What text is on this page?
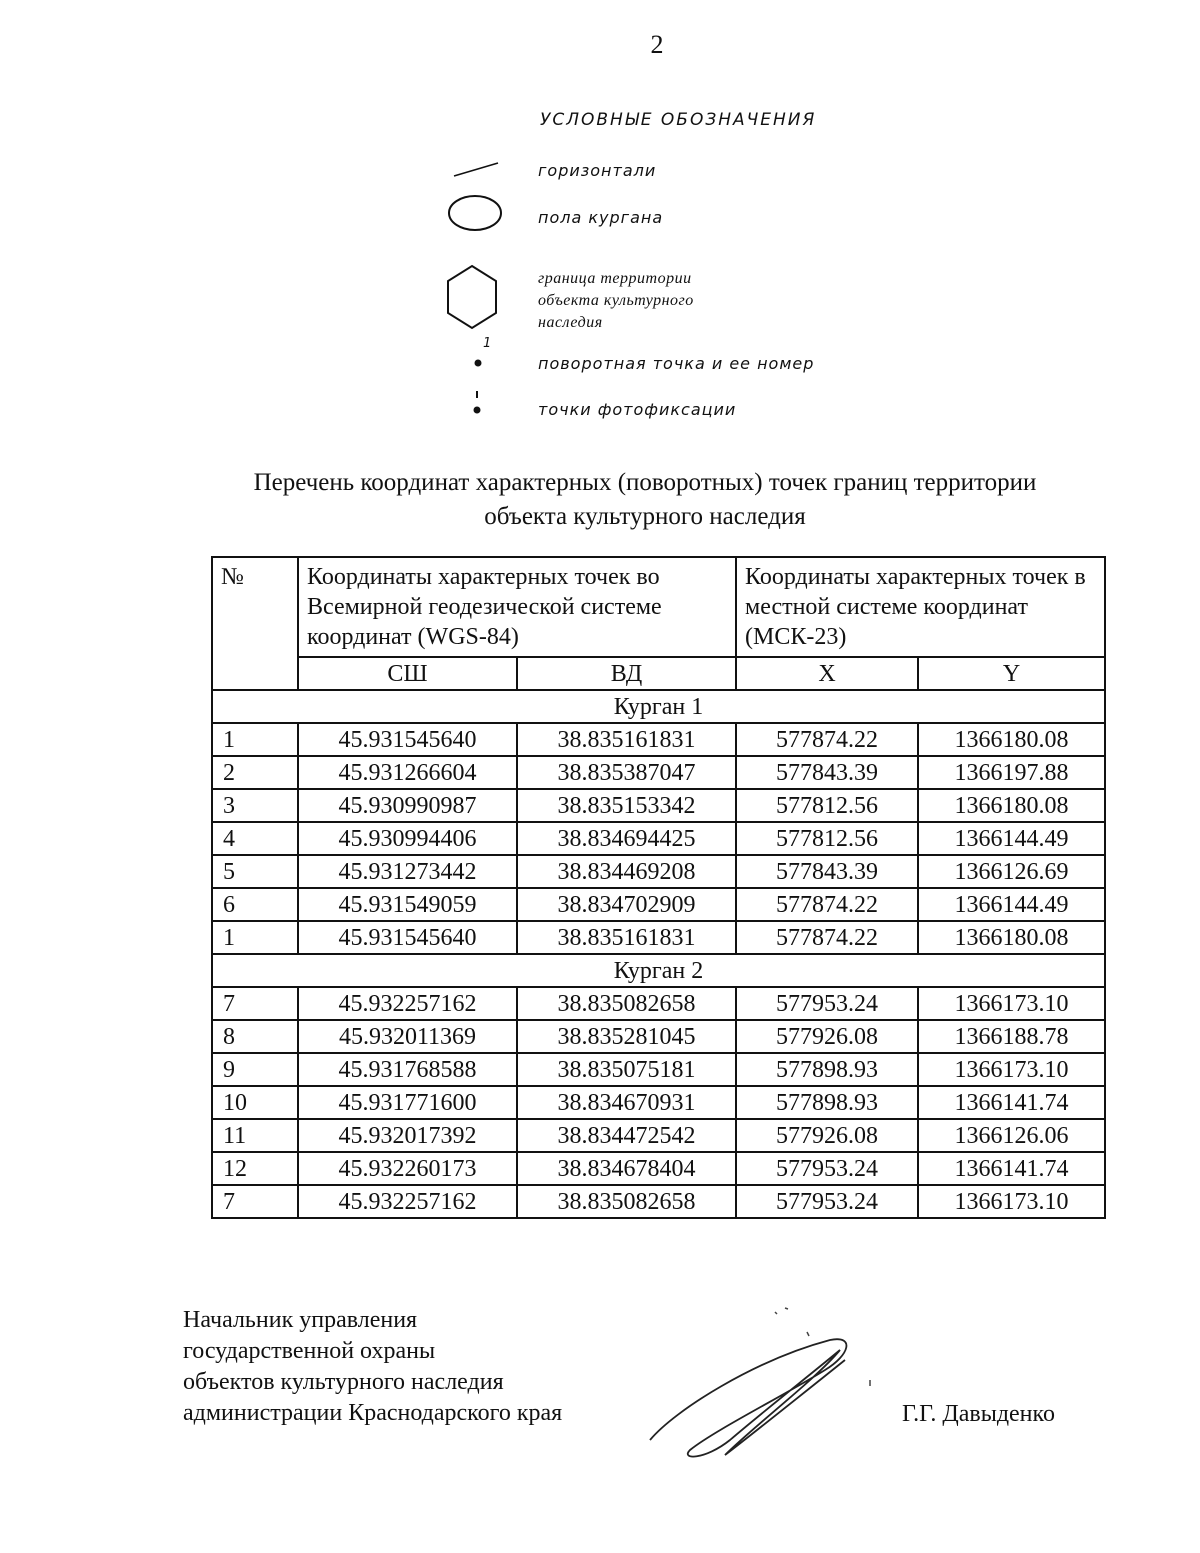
2
УСЛОВНЫЕ ОБОЗНАЧЕНИЯ
горизонтали
пола кургана
граница территории
объекта культурного
наследия
1
поворотная точка и ее номер
точки фотофиксации
Перечень координат характерных (поворотных) точек границ территории
объекта культурного наследия
№	Координаты характерных точек во Всемирной геодезической системе координат (WGS-84)		Координаты характерных точек в местной системе координат (МСК-23)	
	СШ	ВД	X	Y
Курган 1				
1	45.931545640	38.835161831	577874.22	1366180.08
2	45.931266604	38.835387047	577843.39	1366197.88
3	45.930990987	38.835153342	577812.56	1366180.08
4	45.930994406	38.834694425	577812.56	1366144.49
5	45.931273442	38.834469208	577843.39	1366126.69
6	45.931549059	38.834702909	577874.22	1366144.49
1	45.931545640	38.835161831	577874.22	1366180.08
Курган 2				
7	45.932257162	38.835082658	577953.24	1366173.10
8	45.932011369	38.835281045	577926.08	1366188.78
9	45.931768588	38.835075181	577898.93	1366173.10
10	45.931771600	38.834670931	577898.93	1366141.74
11	45.932017392	38.834472542	577926.08	1366126.06
12	45.932260173	38.834678404	577953.24	1366141.74
7	45.932257162	38.835082658	577953.24	1366173.10
Начальник управления
государственной охраны
объектов культурного наследия
администрации Краснодарского края	Г.Г. Давыденко
